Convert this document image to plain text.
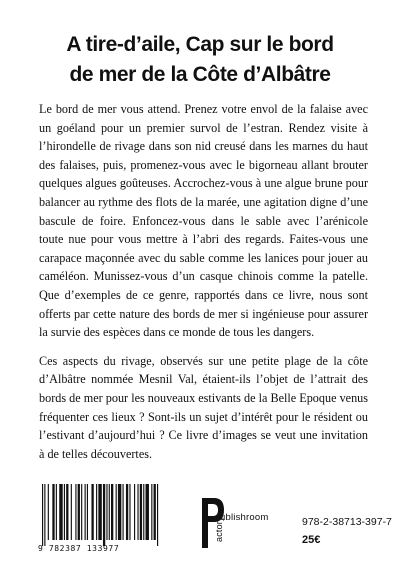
A tire-d’aile, Cap sur le bord
de mer de la Côte d’Albâtre

Le bord de mer vous attend. Prenez votre envol de la falaise avec un goéland pour un premier survol de l’estran. Rendez visite à l’hirondelle de rivage dans son nid creusé dans les marnes du haut des falaises, puis, promenez-vous avec le bigorneau allant brouter quelques algues goûteuses. Accrochez-vous à une algue brune pour balancer au rythme des flots de la marée, une agitation digne d’une bascule de foire. Enfoncez-vous dans le sable avec l’arénicole toute nue pour vous mettre à l’abri des regards. Faites-vous une carapace maçonnée avec du sable comme les lanices pour jouer au caméléon. Munissez-vous d’un casque chinois comme la patelle. Que d’exemples de ce genre, rapportés dans ce livre, nous sont offerts par cette nature des bords de mer si ingénieuse pour assurer la survie des espèces dans ce monde de tous les dangers.

Ces aspects du rivage, observés sur une petite plage de la côte d’Albâtre nommée Mesnil Val, étaient-ils l’objet de l’attrait des bords de mer pour les nouveaux estivants de la Belle Epoque venus fréquenter ces lieux ? Sont-ils un sujet d’intérêt pour le résident ou l’estivant d’aujourd’hui ? Ce livre d’images se veut une invitation à de telles découvertes.

9 782387 133977
ublishroom
actory	978-2-38713-397-7
25€
